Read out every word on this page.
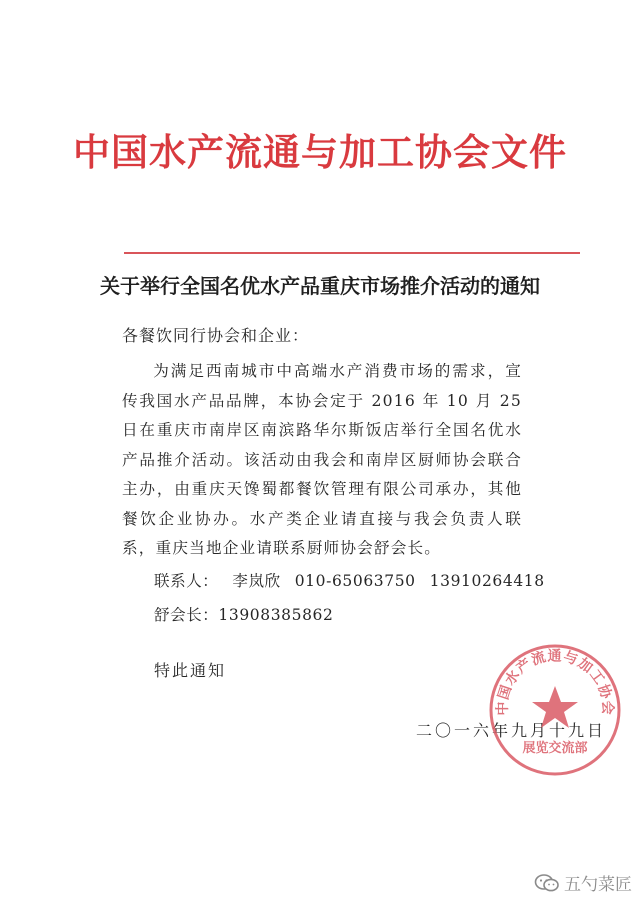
中国水产流通与加工协会文件
关于举行全国名优水产品重庆市场推介活动的通知
各餐饮同行协会和企业：
为满足西南城市中高端水产消费市场的需求，宣传我国水产品品牌，本协会定于 2016 年 10 月 25 日在重庆市南岸区南滨路华尔斯饭店举行全国名优水产品推介活动。该活动由我会和南岸区厨师协会联合主办，由重庆天馋蜀都餐饮管理有限公司承办，其他餐饮企业协办。水产类企业请直接与我会负责人联系，重庆当地企业请联系厨师协会舒会长。
联系人： 李岚欣 010-65063750 13910264418
舒会长：13908385862
特此通知
二〇一六年九月十九日
中国水产流通与加工协会
展览交流部
五勺菜匠
